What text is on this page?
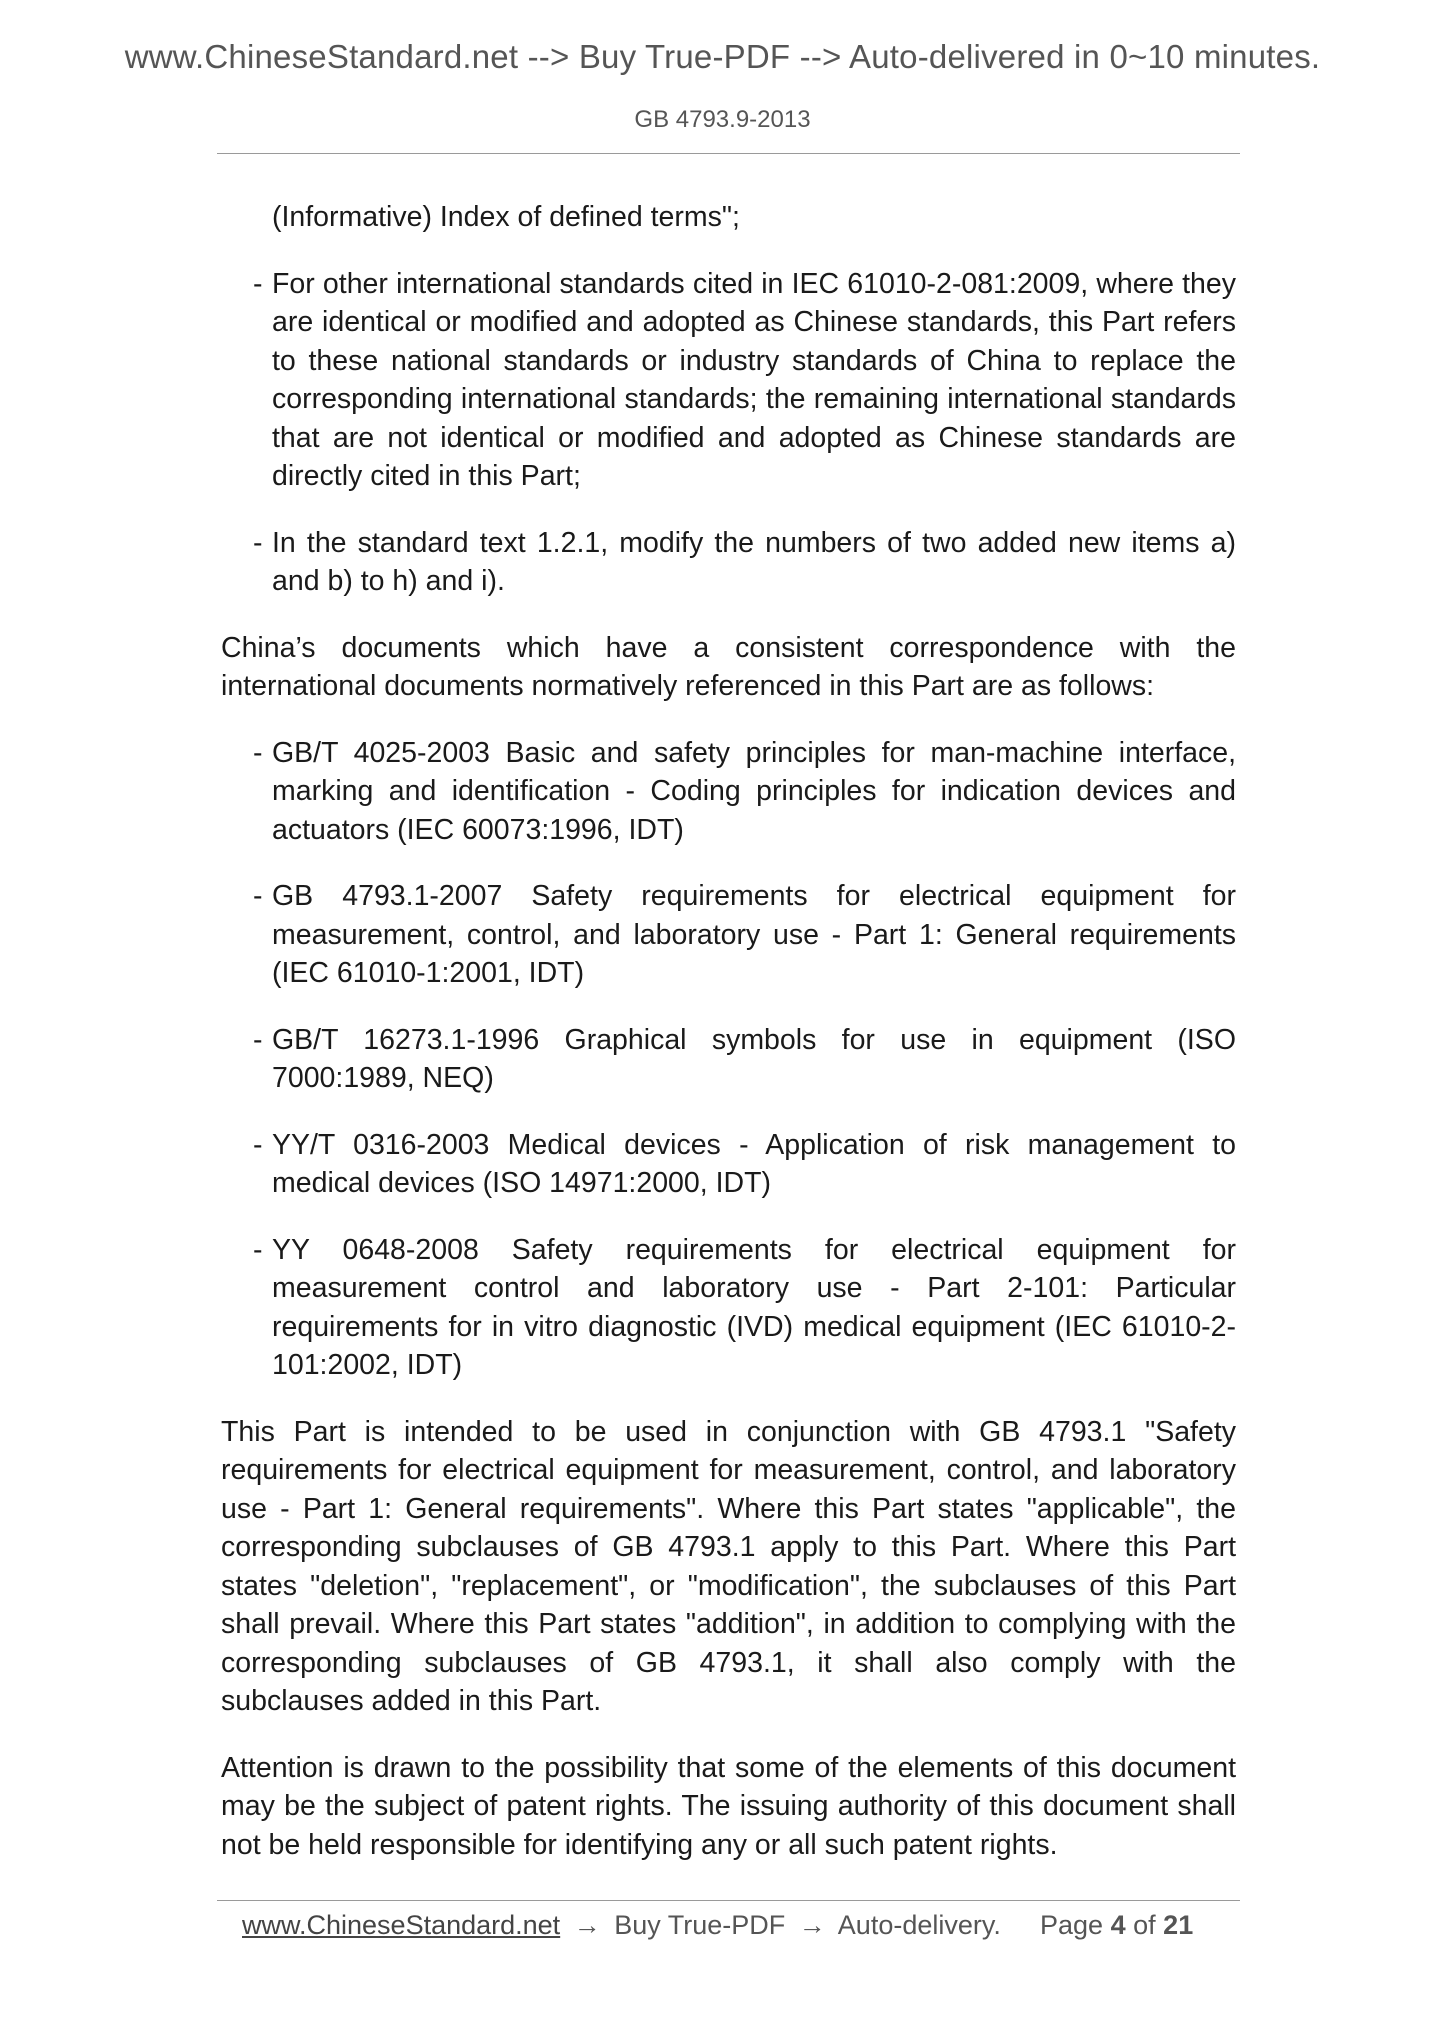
www.ChineseStandard.net --> Buy True-PDF --> Auto-delivered in 0~10 minutes.
GB 4793.9-2013

(Informative) Index of defined terms";

- For other international standards cited in IEC 61010-2-081:2009, where they are identical or modified and adopted as Chinese standards, this Part refers to these national standards or industry standards of China to replace the corresponding international standards; the remaining international standards that are not identical or modified and adopted as Chinese standards are directly cited in this Part;
- In the standard text 1.2.1, modify the numbers of two added new items a) and b) to h) and i).

China’s documents which have a consistent correspondence with the international documents normatively referenced in this Part are as follows:

- GB/T 4025-2003 Basic and safety principles for man-machine interface, marking and identification - Coding principles for indication devices and actuators (IEC 60073:1996, IDT)
- GB 4793.1-2007 Safety requirements for electrical equipment for measurement, control, and laboratory use - Part 1: General requirements (IEC 61010-1:2001, IDT)
- GB/T 16273.1-1996 Graphical symbols for use in equipment (ISO 7000:1989, NEQ)
- YY/T 0316-2003 Medical devices - Application of risk management to medical devices (ISO 14971:2000, IDT)
- YY 0648-2008 Safety requirements for electrical equipment for measurement control and laboratory use - Part 2-101: Particular requirements for in vitro diagnostic (IVD) medical equipment (IEC 61010-2-101:2002, IDT)

This Part is intended to be used in conjunction with GB 4793.1 "Safety requirements for electrical equipment for measurement, control, and laboratory use - Part 1: General requirements". Where this Part states "applicable", the corresponding subclauses of GB 4793.1 apply to this Part. Where this Part states "deletion", "replacement", or "modification", the subclauses of this Part shall prevail. Where this Part states "addition", in addition to complying with the corresponding subclauses of GB 4793.1, it shall also comply with the subclauses added in this Part.

Attention is drawn to the possibility that some of the elements of this document may be the subject of patent rights. The issuing authority of this document shall not be held responsible for identifying any or all such patent rights.

www.ChineseStandard.net → Buy True-PDF → Auto-delivery. Page 4 of 21
